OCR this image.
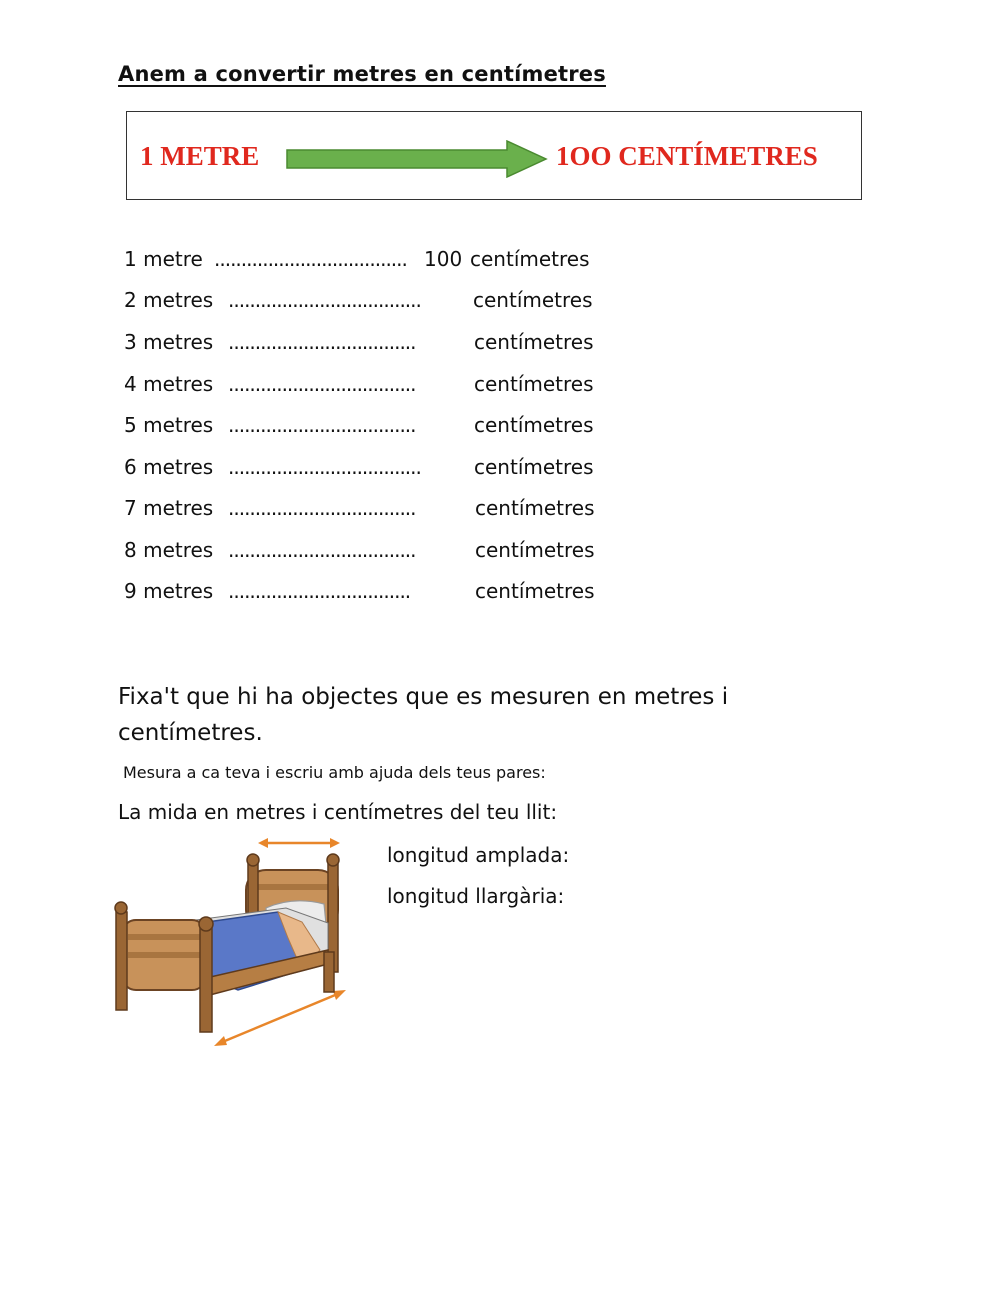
Anem a convertir metres en centímetres
1 METRE	1OO CENTÍMETRES
1 metre .................................... 100 centímetres
2 metres ....................................	centímetres
3 metres ...................................	centímetres
4 metres ...................................	centímetres
5 metres ...................................	centímetres
6 metres ....................................	centímetres
7 metres ...................................	centímetres
8 metres ...................................	centímetres
9 metres ..................................	centímetres
Fixa't que hi ha objectes que es mesuren en metres i centímetres.
Mesura a ca teva i escriu amb ajuda dels teus pares:
La mida en metres i centímetres del teu llit:
longitud amplada:
longitud llargària:
